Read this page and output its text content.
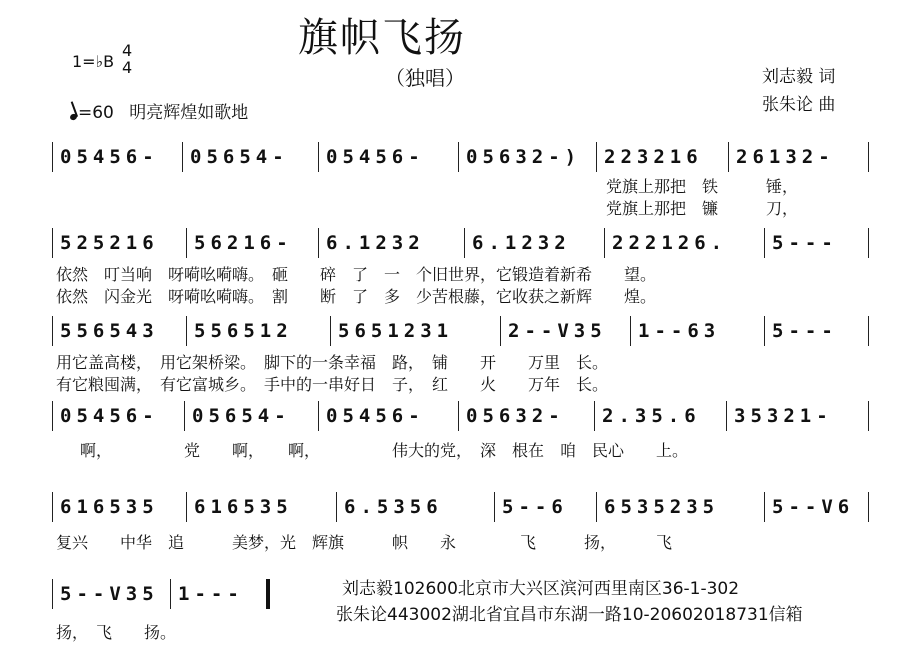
旗帜飞扬
（独唱）
1=♭B
4
4
=60 明亮辉煌如歌地
刘志毅 词
张朱论 曲
05456- 05654- 05456- 05632-) 223216 26132-
党旗上那把　铁　　　锤，
党旗上那把　镰　　　刀，
525216 56216- 6.1232 6.1232 222126. 5---
依然　叮当响　呀嗬吆嗬嗨。　砸　　碎　了　一　个旧世界，它锻造着新希　　望。
依然　闪金光　呀嗬吆嗬嗨。　割　　断　了　多　少苦根藤，它收获之新辉　　煌。
556543 556512 5651231	2--V35 1--63	5---
用它盖高楼，　用它架桥梁。　脚下的一条幸福　路，　铺　　开　　万里　长。
有它粮囤满，　有它富城乡。　手中的一串好日　子，　红　　火　　万年　长。
05456- 05654- 05456- 05632- 2.35.6 35321-
啊，　　　　　党　　啊，　　啊，　　　　　伟大的党，　深　根在　咱　民心　　上。
616535 616535	6.5356	5--6 6535235	5--V6
复兴　　中华　追　　　美梦，光　辉旗　　　帜　　永　　　　飞　　　扬，　　　飞
5--V35 1---
扬，　飞　　扬。
刘志毅102600北京市大兴区滨河西里南区36-1-302
张朱论443002湖北省宜昌市东湖一路10-20602018731信箱
